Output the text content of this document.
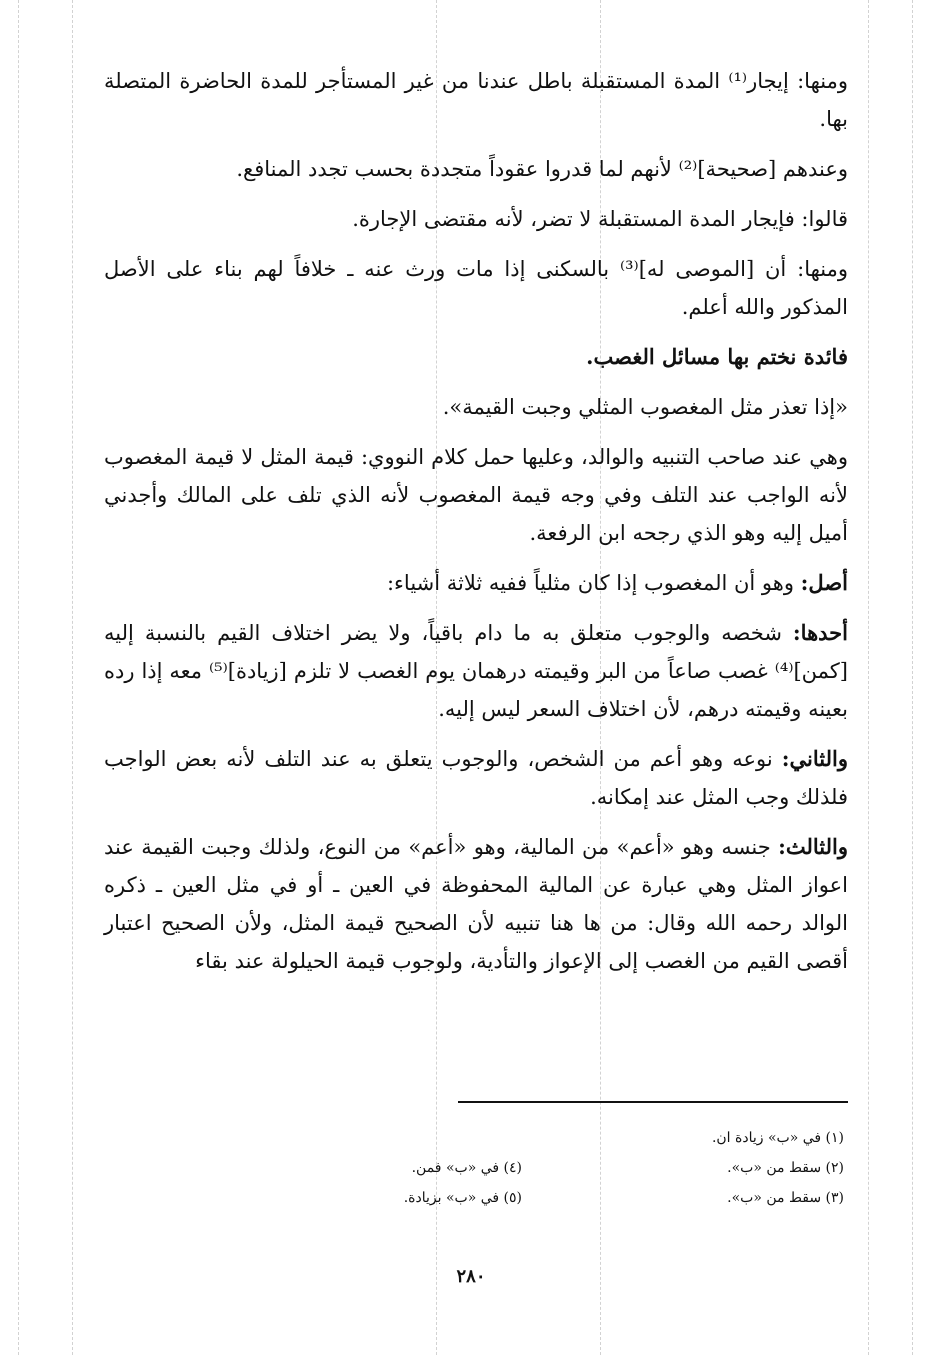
ومنها: إيجار⁽¹⁾ المدة المستقبلة باطل عندنا من غير المستأجر للمدة الحاضرة المتصلة بها.

وعندهم [صحيحة]⁽²⁾ لأنهم لما قدروا عقوداً متجددة بحسب تجدد المنافع.

قالوا: فإيجار المدة المستقبلة لا تضر، لأنه مقتضى الإجارة.

ومنها: أن [الموصى له]⁽³⁾ بالسكنى إذا مات ورث عنه ـ خلافاً لهم بناء على الأصل المذكور والله أعلم.

فائدة نختم بها مسائل الغصب.

«إذا تعذر مثل المغصوب المثلي وجبت القيمة».

وهي عند صاحب التنبيه والوالد، وعليها حمل كلام النووي: قيمة المثل لا قيمة المغصوب لأنه الواجب عند التلف وفي وجه قيمة المغصوب لأنه الذي تلف على المالك وأجدني أميل إليه وهو الذي رجحه ابن الرفعة.

أصل: وهو أن المغصوب إذا كان مثلياً ففيه ثلاثة أشياء:

أحدها: شخصه والوجوب متعلق به ما دام باقياً، ولا يضر اختلاف القيم بالنسبة إليه [كمن]⁽⁴⁾ غصب صاعاً من البر وقيمته درهمان يوم الغصب لا تلزم [زيادة]⁽⁵⁾ معه إذا رده بعينه وقيمته درهم، لأن اختلاف السعر ليس إليه.

والثاني: نوعه وهو أعم من الشخص، والوجوب يتعلق به عند التلف لأنه بعض الواجب فلذلك وجب المثل عند إمكانه.

والثالث: جنسه وهو «أعم» من المالية، وهو «أعم» من النوع، ولذلك وجبت القيمة عند اعواز المثل وهي عبارة عن المالية المحفوظة في العين ـ أو في مثل العين ـ ذكره الوالد رحمه الله وقال: من ها هنا تنبيه لأن الصحيح قيمة المثل، ولأن الصحيح اعتبار أقصى القيم من الغصب إلى الإعواز والتأدية، ولوجوب قيمة الحيلولة عند بقاء

(١) في «ب» زيادة ان.
(٢) سقط من «ب».
(٣) سقط من «ب».
(٤) في «ب» فمن.
(٥) في «ب» بزيادة.
٢٨٠
